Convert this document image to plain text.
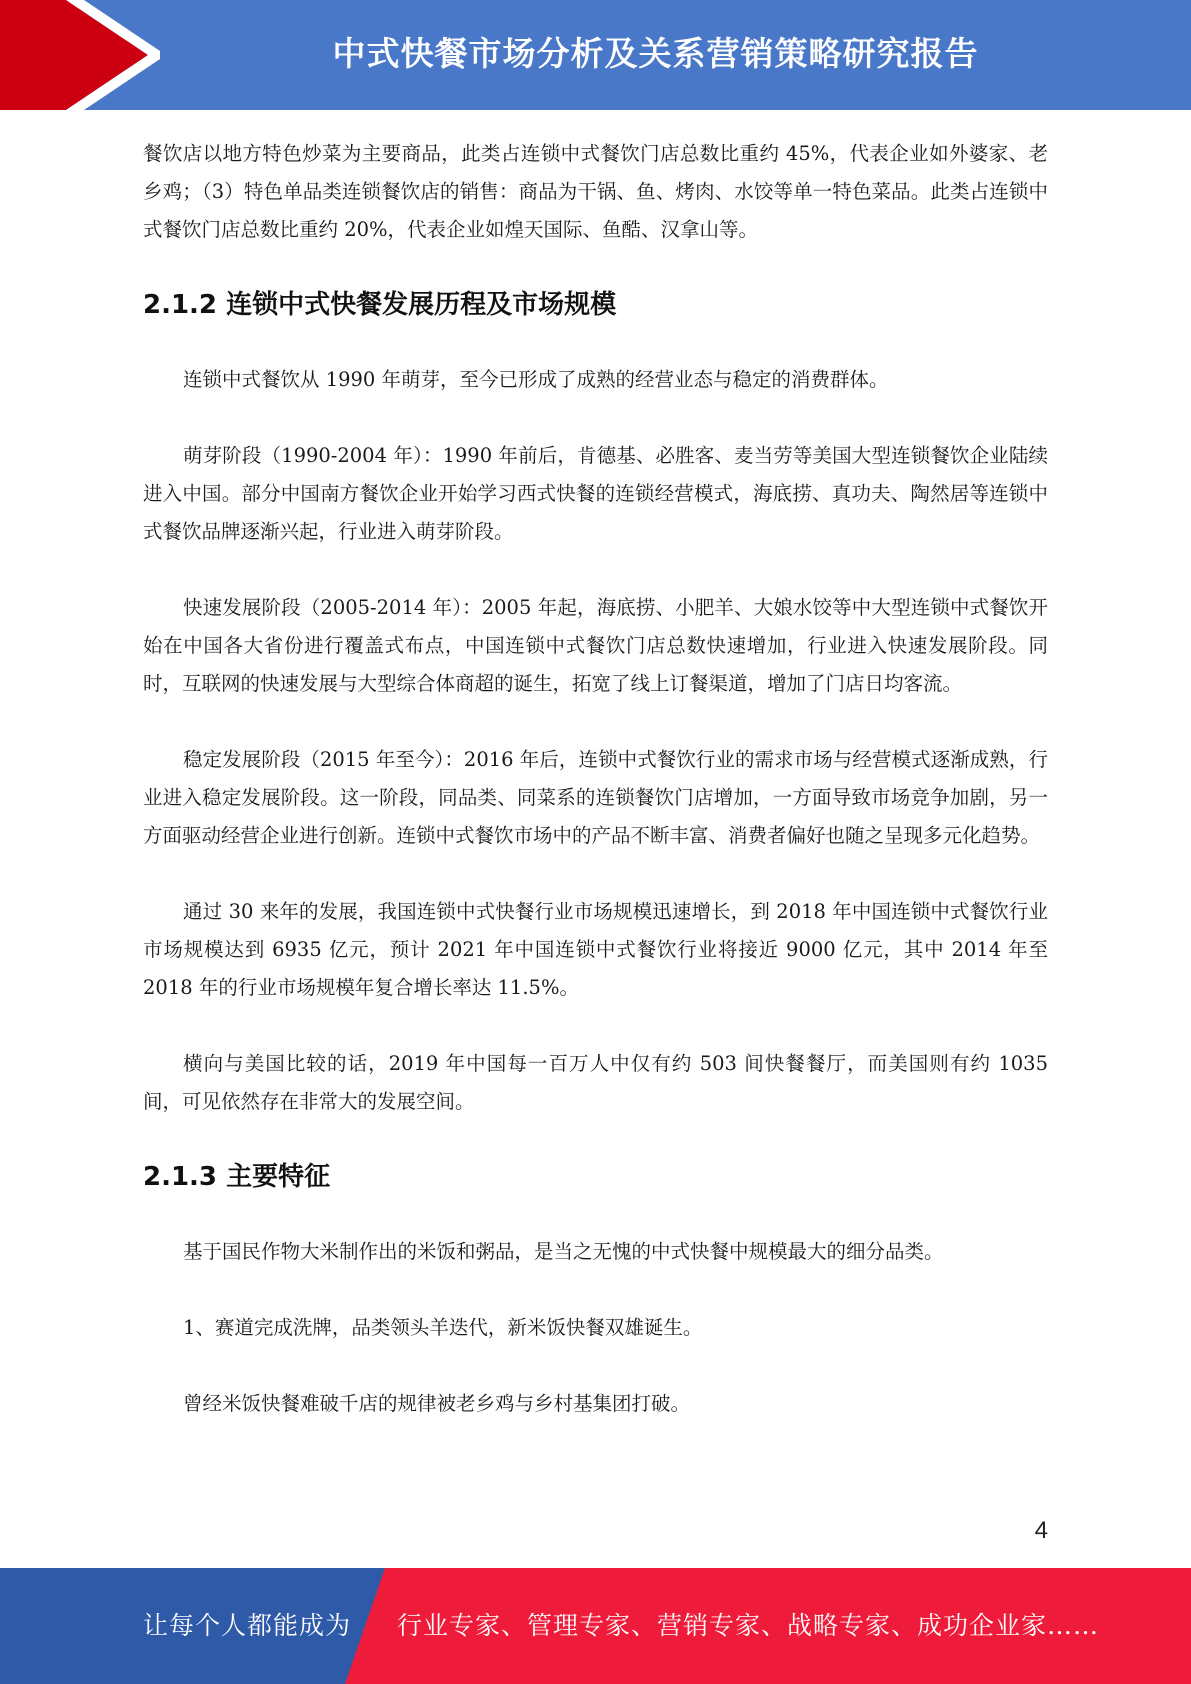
中式快餐市场分析及关系营销策略研究报告

餐饮店以地方特色炒菜为主要商品，此类占连锁中式餐饮门店总数比重约 45%，代表企业如外婆家、老乡鸡；（3）特色单品类连锁餐饮店的销售：商品为干锅、鱼、烤肉、水饺等单一特色菜品。此类占连锁中式餐饮门店总数比重约 20%，代表企业如煌天国际、鱼酷、汉拿山等。

2.1.2 连锁中式快餐发展历程及市场规模

连锁中式餐饮从 1990 年萌芽，至今已形成了成熟的经营业态与稳定的消费群体。

萌芽阶段（1990-2004 年）：1990 年前后，肯德基、必胜客、麦当劳等美国大型连锁餐饮企业陆续进入中国。部分中国南方餐饮企业开始学习西式快餐的连锁经营模式，海底捞、真功夫、陶然居等连锁中式餐饮品牌逐渐兴起，行业进入萌芽阶段。

快速发展阶段（2005-2014 年）：2005 年起，海底捞、小肥羊、大娘水饺等中大型连锁中式餐饮开始在中国各大省份进行覆盖式布点，中国连锁中式餐饮门店总数快速增加，行业进入快速发展阶段。同时，互联网的快速发展与大型综合体商超的诞生，拓宽了线上订餐渠道，增加了门店日均客流。

稳定发展阶段（2015 年至今）：2016 年后，连锁中式餐饮行业的需求市场与经营模式逐渐成熟，行业进入稳定发展阶段。这一阶段，同品类、同菜系的连锁餐饮门店增加，一方面导致市场竞争加剧，另一方面驱动经营企业进行创新。连锁中式餐饮市场中的产品不断丰富、消费者偏好也随之呈现多元化趋势。

通过 30 来年的发展，我国连锁中式快餐行业市场规模迅速增长，到 2018 年中国连锁中式餐饮行业市场规模达到 6935 亿元，预计 2021 年中国连锁中式餐饮行业将接近 9000 亿元，其中 2014 年至 2018 年的行业市场规模年复合增长率达 11.5%。

横向与美国比较的话，2019 年中国每一百万人中仅有约 503 间快餐餐厅，而美国则有约 1035 间，可见依然存在非常大的发展空间。

2.1.3 主要特征

基于国民作物大米制作出的米饭和粥品，是当之无愧的中式快餐中规模最大的细分品类。

1、赛道完成洗牌，品类领头羊迭代，新米饭快餐双雄诞生。

曾经米饭快餐难破千店的规律被老乡鸡与乡村基集团打破。

4
让每个人都能成为 行业专家、管理专家、营销专家、战略专家、成功企业家……
